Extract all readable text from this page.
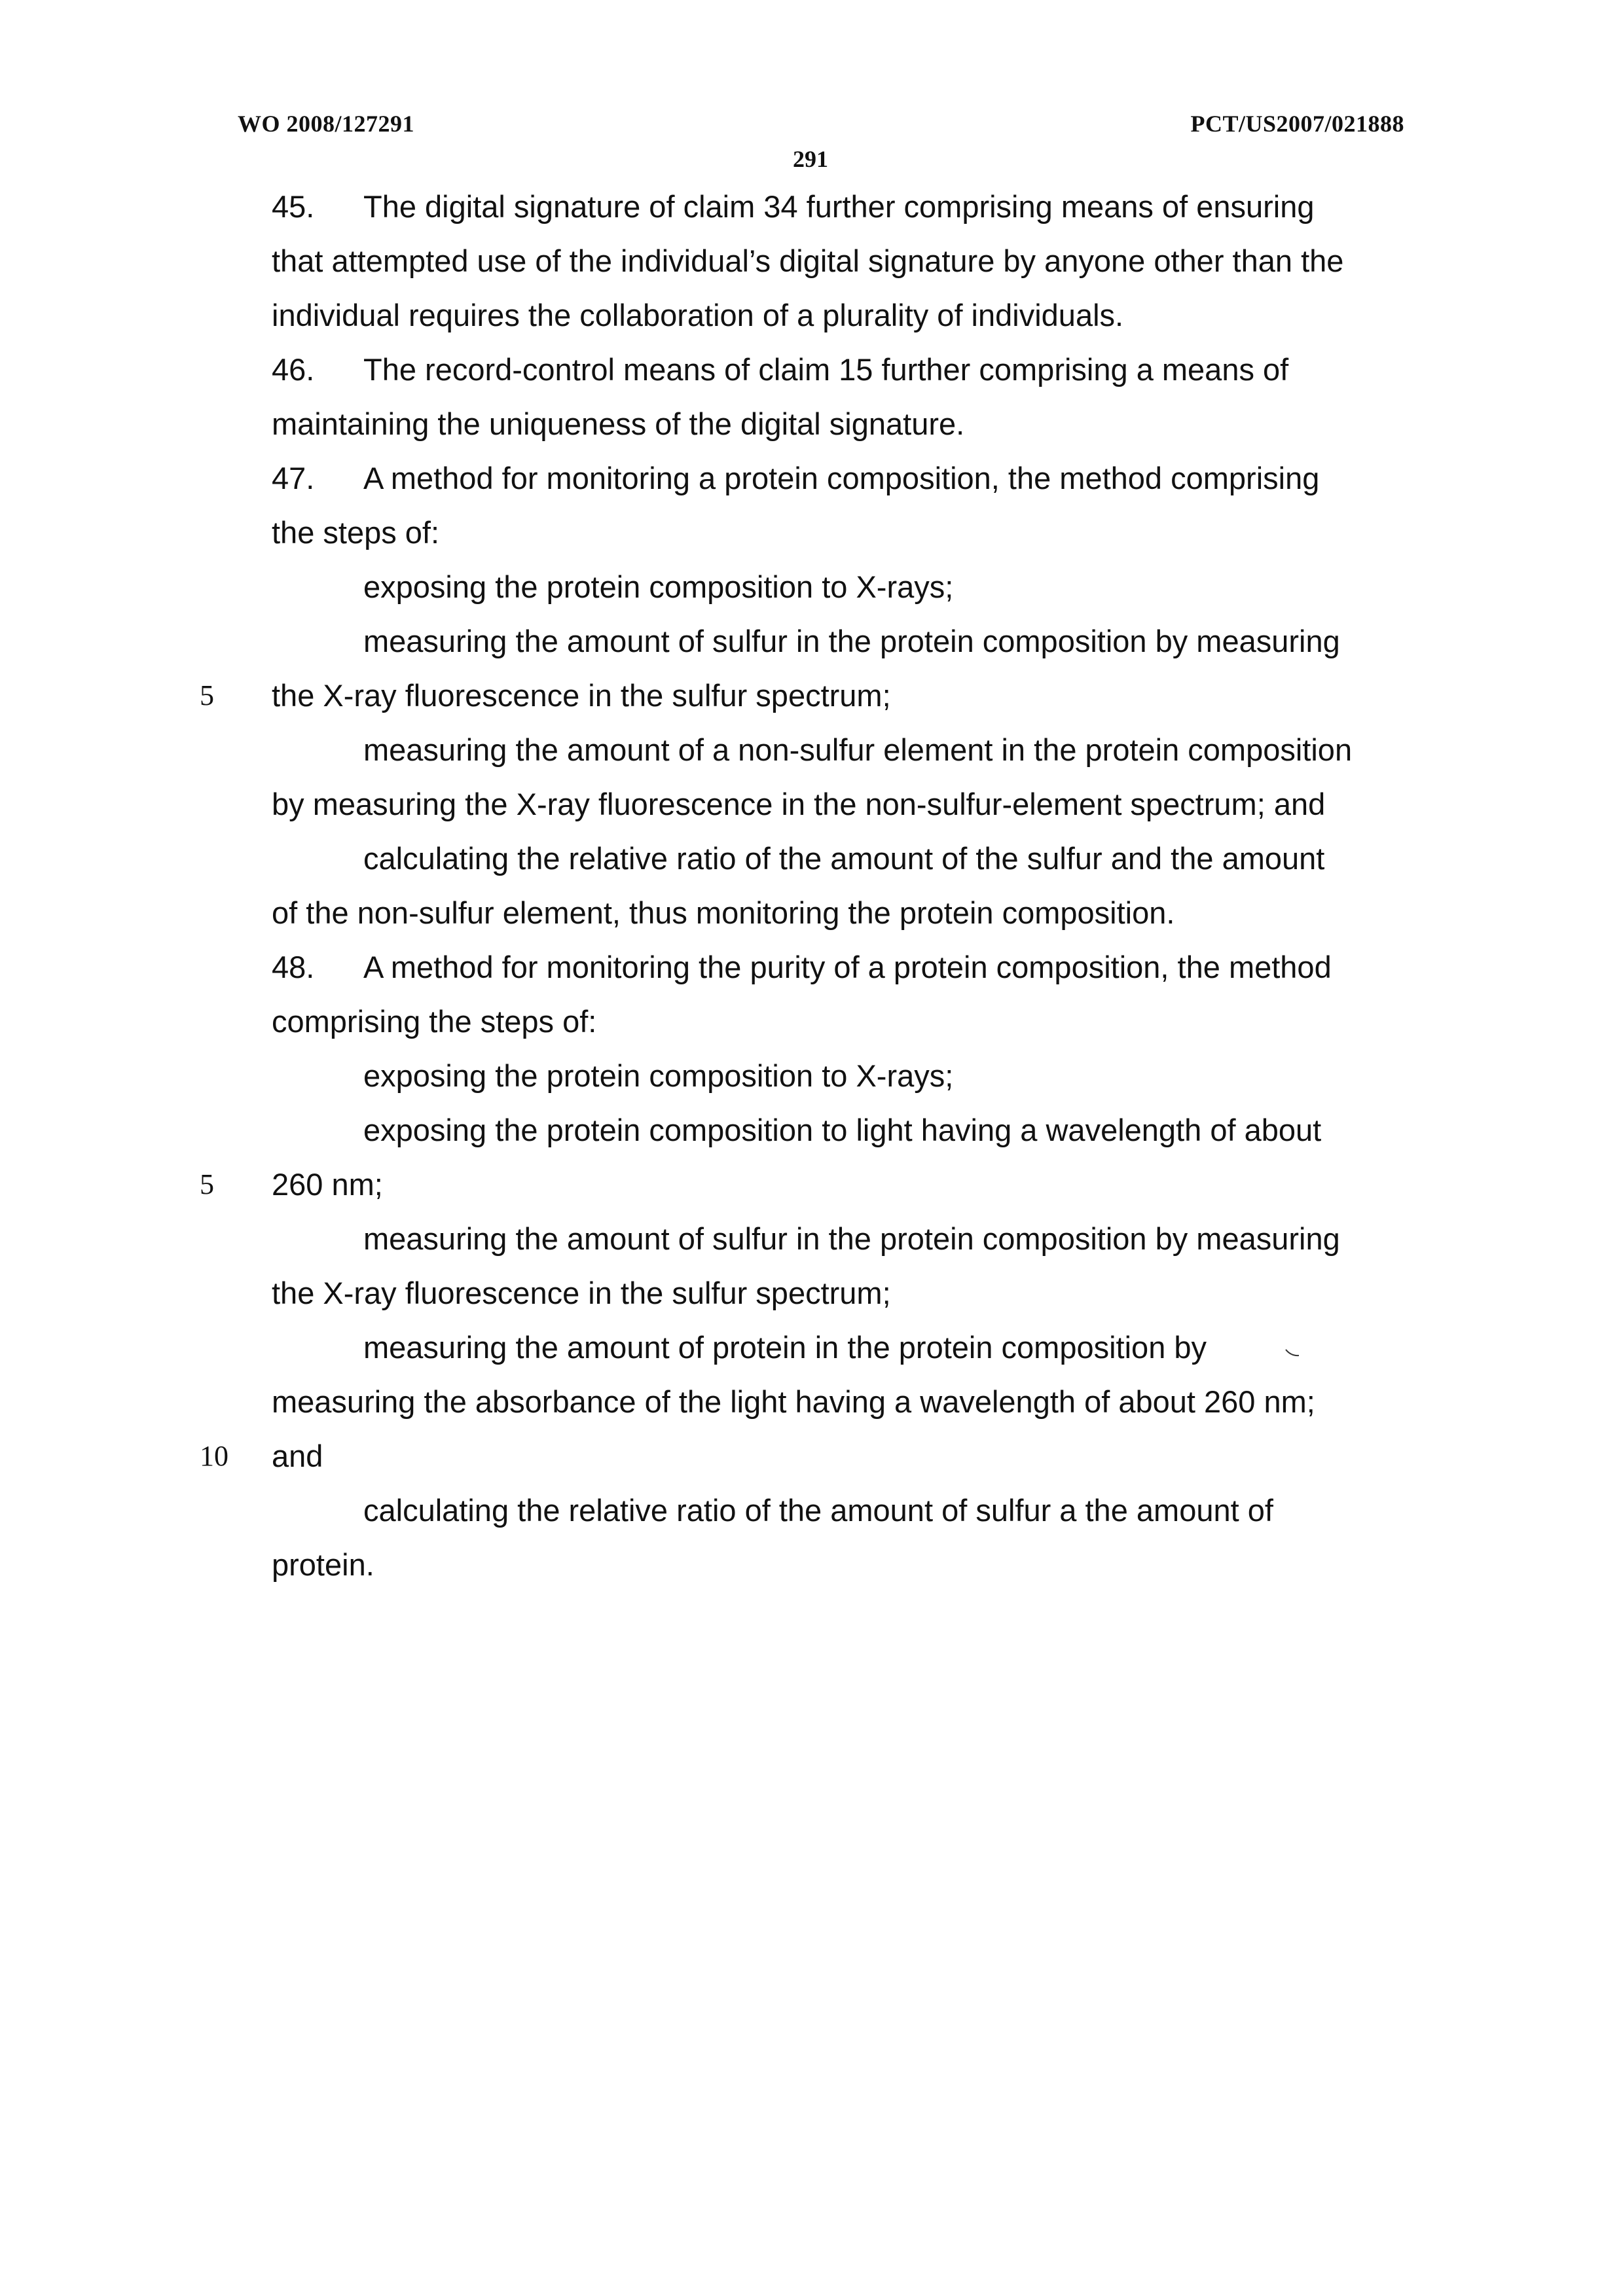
WO 2008/127291	PCT/US2007/021888
291
45. The digital signature of claim 34 further comprising means of ensuring
that attempted use of the individual’s digital signature by anyone other than the
individual requires the collaboration of a plurality of individuals.
46. The record-control means of claim 15 further comprising a means of
maintaining the uniqueness of the digital signature.
47. A method for monitoring a protein composition, the method comprising
the steps of:
exposing the protein composition to X-rays;
measuring the amount of sulfur in the protein composition by measuring
5 the X-ray fluorescence in the sulfur spectrum;
measuring the amount of a non-sulfur element in the protein composition
by measuring the X-ray fluorescence in the non-sulfur-element spectrum; and
calculating the relative ratio of the amount of the sulfur and the amount
of the non-sulfur element, thus monitoring the protein composition.
48. A method for monitoring the purity of a protein composition, the method
comprising the steps of:
exposing the protein composition to X-rays;
exposing the protein composition to light having a wavelength of about
5 260 nm;
measuring the amount of sulfur in the protein composition by measuring
the X-ray fluorescence in the sulfur spectrum;
measuring the amount of protein in the protein composition by
measuring the absorbance of the light having a wavelength of about 260 nm;
10 and
calculating the relative ratio of the amount of sulfur a the amount of
protein.
